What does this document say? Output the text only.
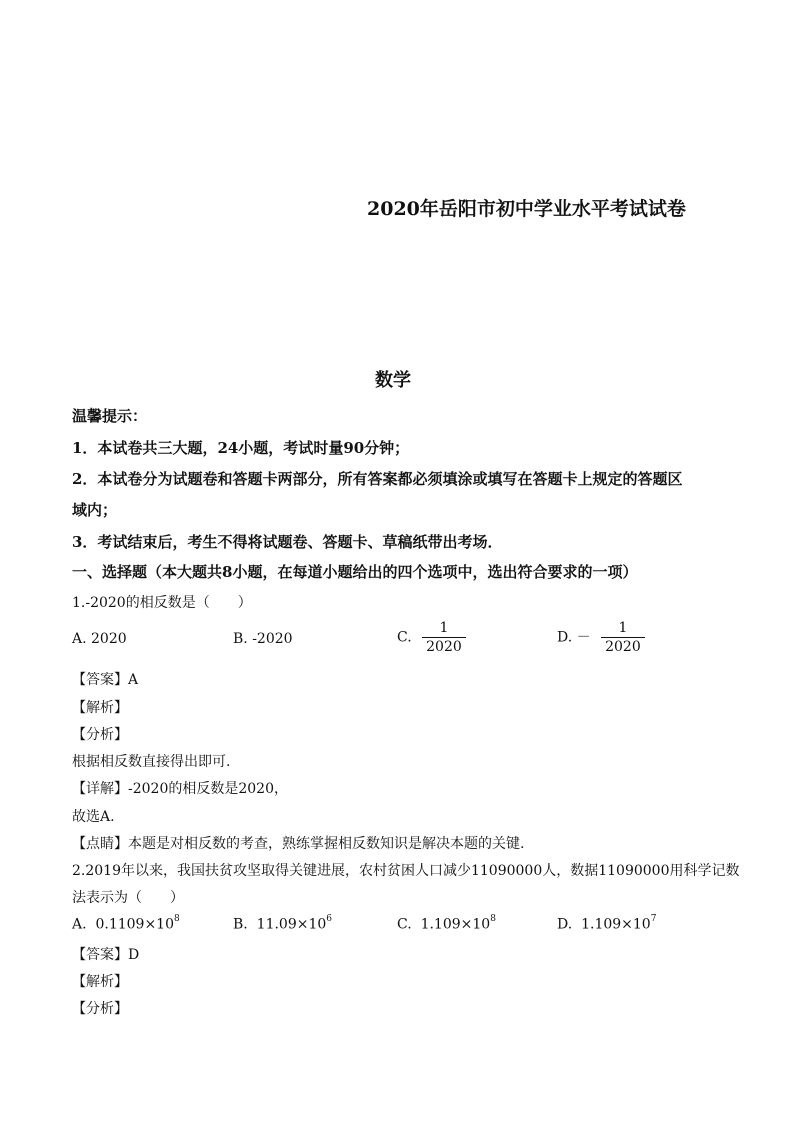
2020年岳阳市初中学业水平考试试卷
数学
温馨提示：
1．本试卷共三大题，24小题，考试时量90分钟；
2．本试卷分为试题卷和答题卡两部分，所有答案都必须填涂或填写在答题卡上规定的答题区
域内；
3．考试结束后，考生不得将试题卷、答题卡、草稿纸带出考场．
一、选择题（本大题共8小题，在每道小题给出的四个选项中，选出符合要求的一项）
1.-2020的相反数是（　　）
A. 2020	B. -2020	C. $\frac{1}{2020}$	D. － $\frac{1}{2020}$
【答案】A
【解析】
【分析】
根据相反数直接得出即可.
【详解】-2020的相反数是2020，
故选A.
【点睛】本题是对相反数的考查，熟练掌握相反数知识是解决本题的关键.
2.2019年以来，我国扶贫攻坚取得关键进展，农村贫困人口减少11090000人，数据11090000用科学记数
法表示为（　　）
A. $0.1109\times 10^8$	B. $11.09\times 10^6$	C. $1.109\times 10^8$	D. $1.109\times 10^7$
【答案】D
【解析】
【分析】
